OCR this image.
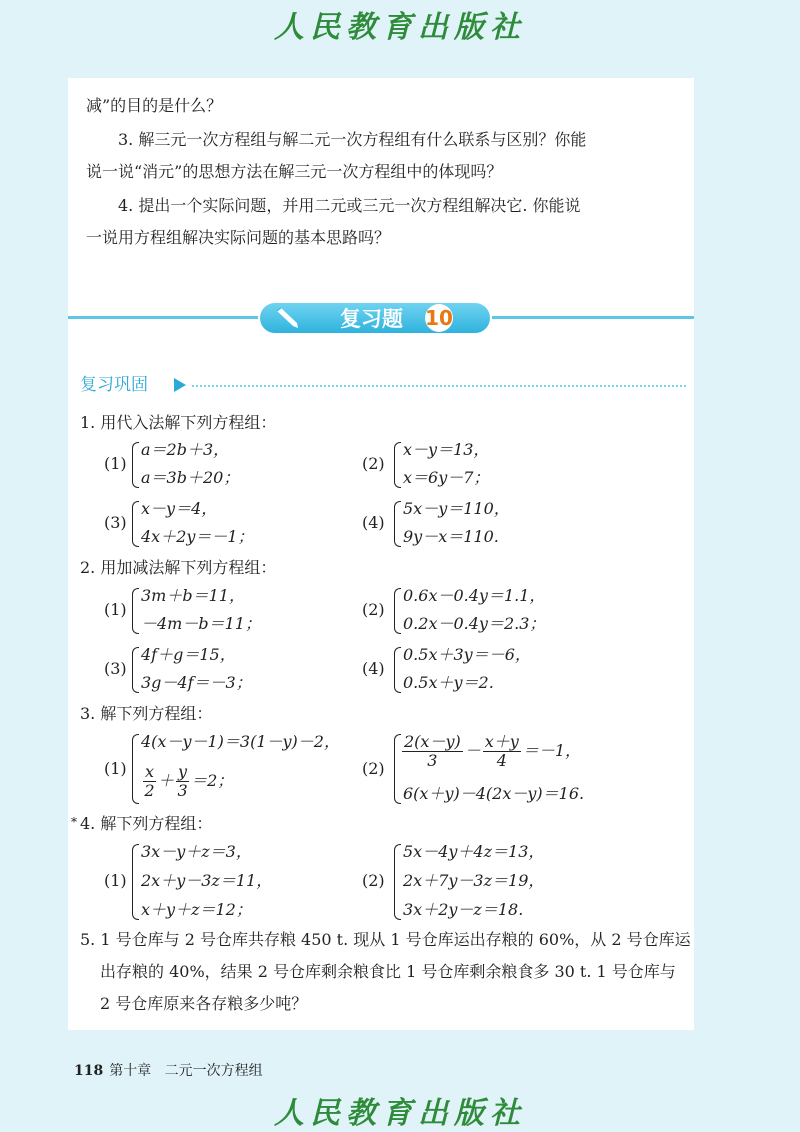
人民教育出版社
减”的目的是什么？
3. 解三元一次方程组与解二元一次方程组有什么联系与区别？你能
说一说“消元”的思想方法在解三元一次方程组中的体现吗？
4. 提出一个实际问题，并用二元或三元一次方程组解决它. 你能说
一说用方程组解决实际问题的基本思路吗？
复习题 10
复习巩固
1. 用代入法解下列方程组：
(1)
a＝2b＋3，
a＝3b＋20；
(2)
x－y＝13，
x＝6y－7；
(3)
x－y＝4，
4x＋2y＝－1；
(4)
5x－y＝110，
9y－x＝110.
2. 用加减法解下列方程组：
(1)
3m＋b＝11，
－4m－b＝11；
(2)
0.6x－0.4y＝1.1，
0.2x－0.4y＝2.3；
(3)
4f＋g＝15，
3g－4f＝－3；
(4)
0.5x＋3y＝－6，
0.5x＋y＝2.
3. 解下列方程组：
(1)
4(x－y－1)＝3(1－y)－2，
$\frac{x}{2} + \frac{y}{3} =2$；
$(2) \frac{2(x-y)}{3} - \frac{x+y}{4} =-1$，
6(x＋y)－4(2x－y)＝16.
* 4. 解下列方程组：
(1)
3x－y＋z＝3，
2x＋y－3z＝11，
x＋y＋z＝12；
(2)
5x－4y＋4z＝13，
2x＋7y－3z＝19，
3x＋2y－z＝18.
5. 1 号仓库与 2 号仓库共存粮 450 t. 现从 1 号仓库运出存粮的 60%，从 2 号仓库运
出存粮的 40%，结果 2 号仓库剩余粮食比 1 号仓库剩余粮食多 30 t. 1 号仓库与
2 号仓库原来各存粮多少吨？
118 第十章 二元一次方程组
人民教育出版社
